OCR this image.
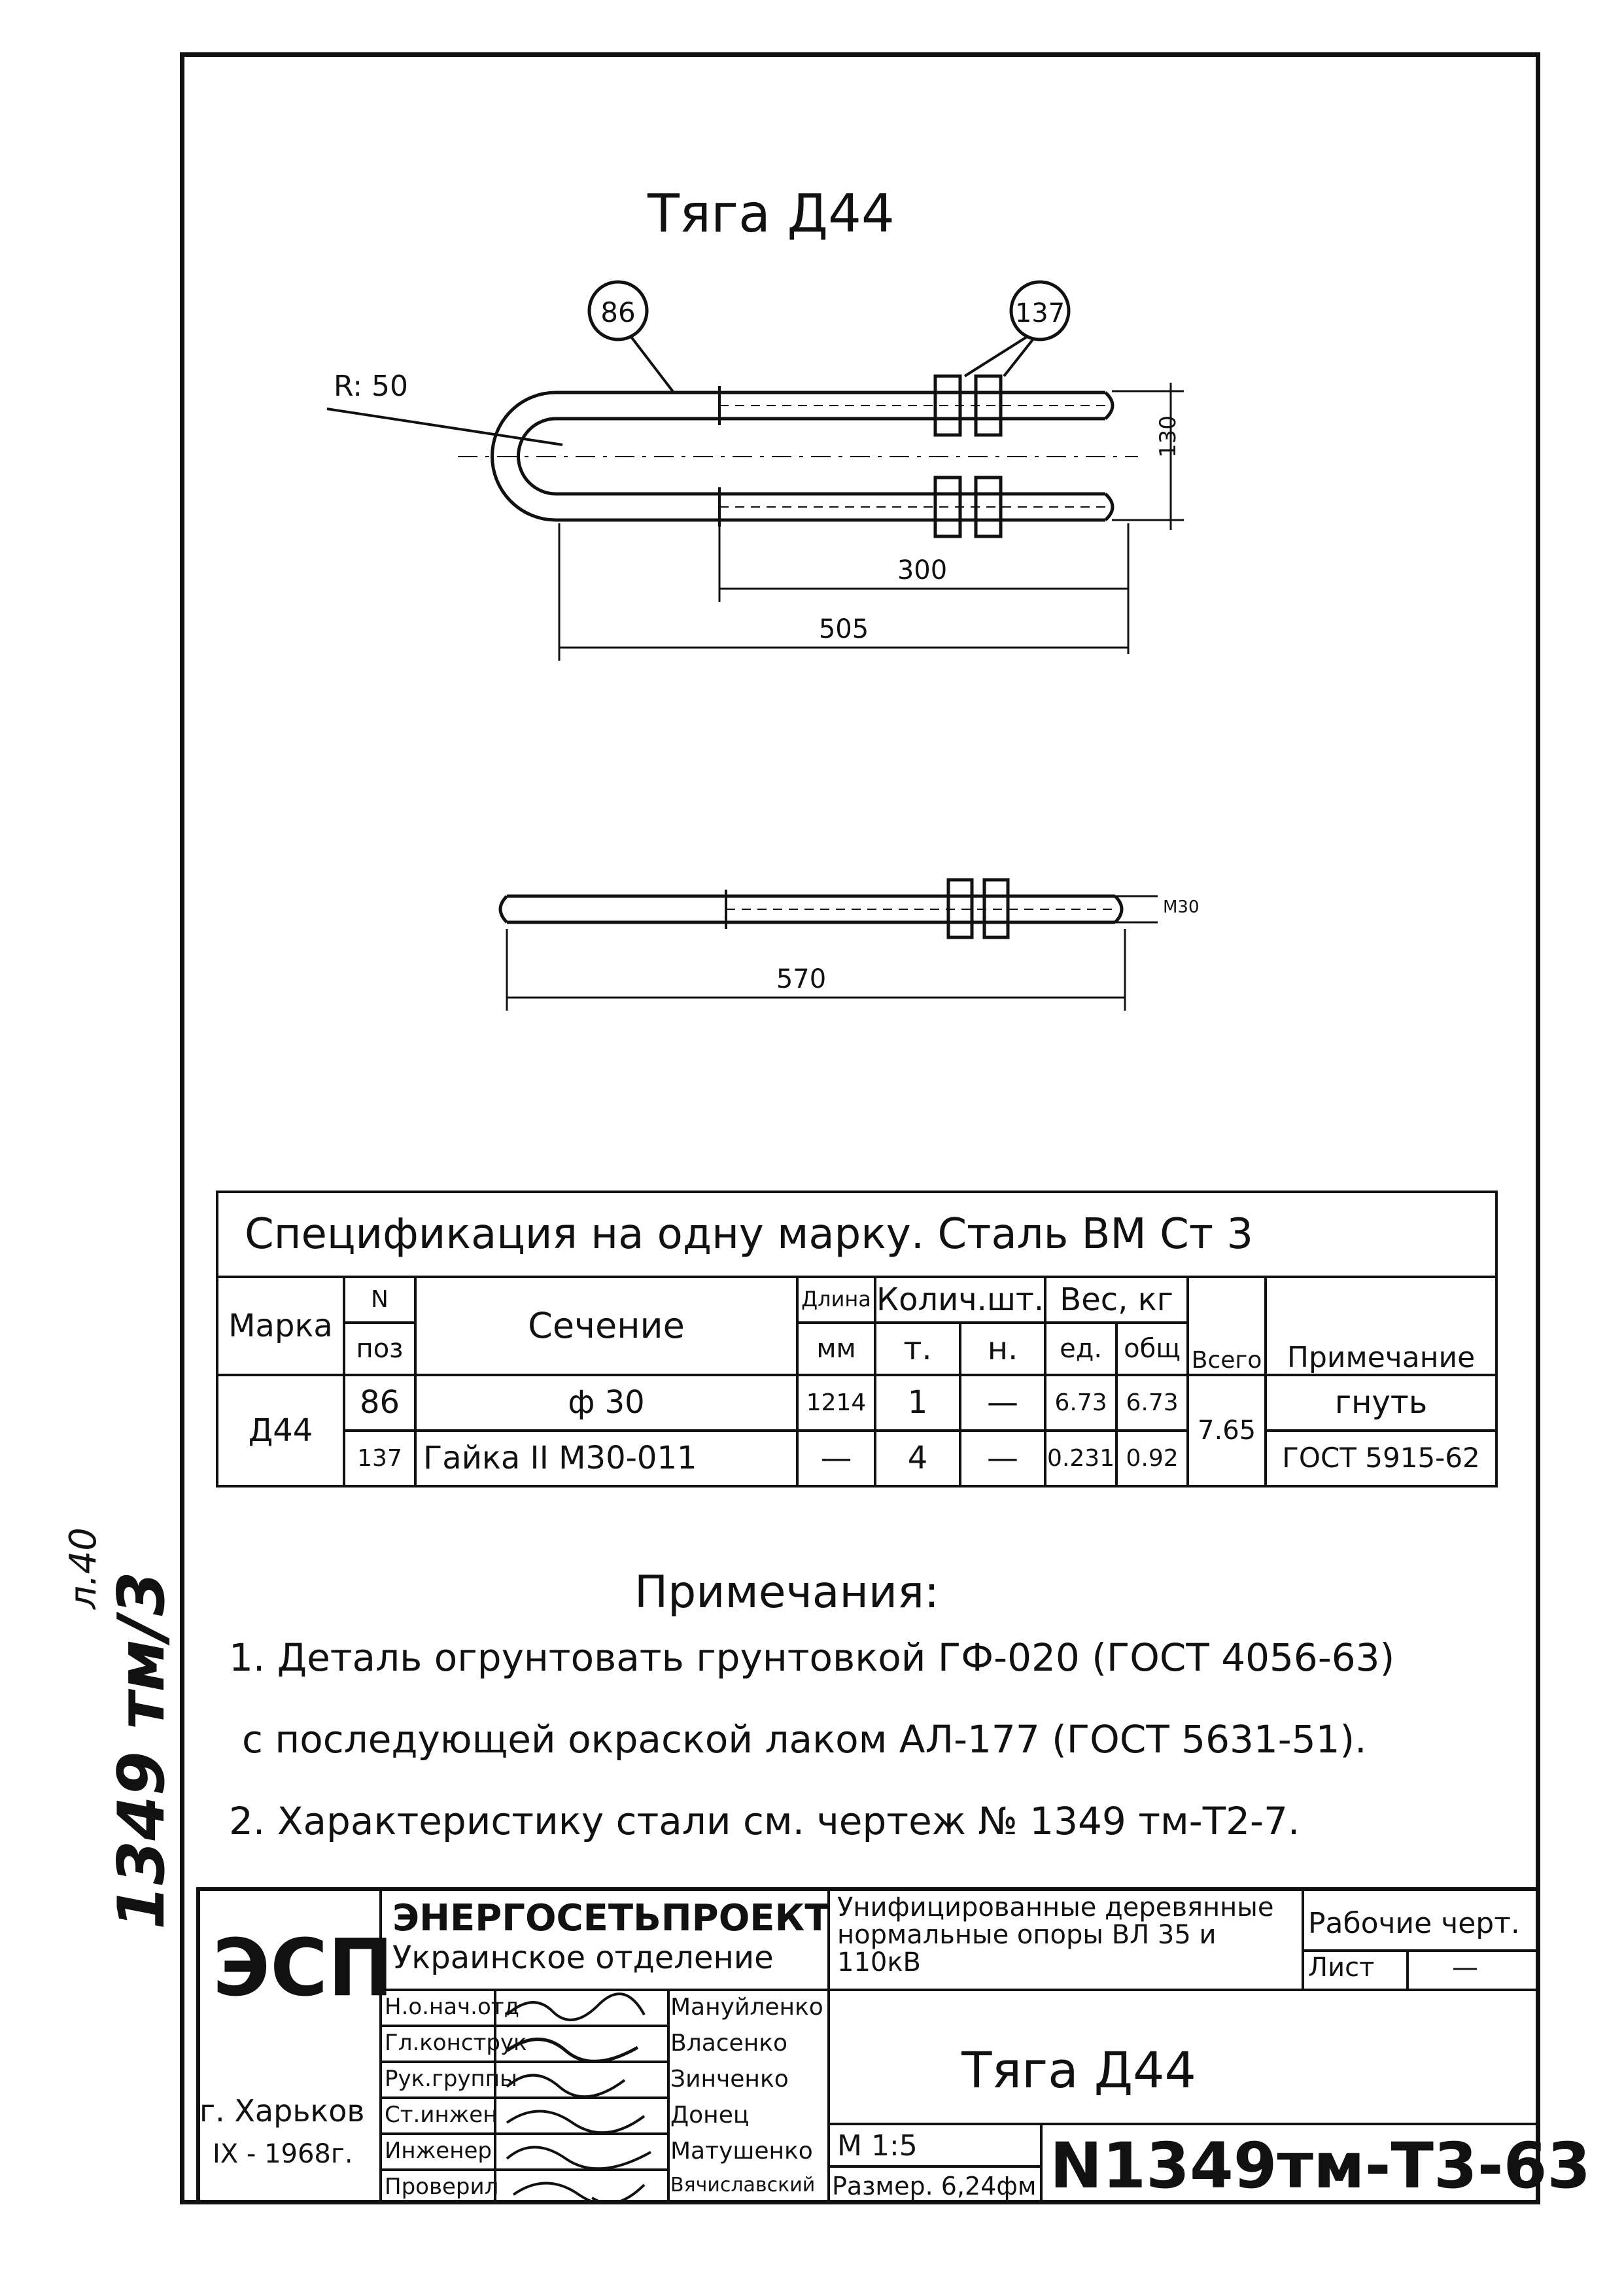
л.40
1349 тм/3
Тяга Д44
86	137
R: 50
130
300
505
М30
570
Спецификация на одну марку. Сталь ВМ Ст 3									
Марка	N	Сечение	Длина	Колич.шт.		Вес, кг		Всего	Примечание
	поз		мм	т.	н.	ед.	общ		
Д44	86	ф 30	1214	1	—	6.73	6.73	7.65	гнуть
	137	Гайка II М30-011	—	4	—	0.231	0.92		ГОСТ 5915-62
Примечания:
1. Деталь огрунтовать грунтовкой ГФ-020 (ГОСТ 4056-63)
с последующей окраской лаком АЛ-177 (ГОСТ 5631-51).
2. Характеристику стали см. чертеж № 1349 тм-Т2-7.
ЭСП
ЭНЕРГОСЕТЬПРОЕКТ
Украинское отделение
г. Харьков
IX - 1968г.
Унифицированные деревянные нормальные опоры ВЛ 35 и 110кВ
Рабочие черт.
Лист	—
Тяга Д44
М 1:5
Размер. 6,24фм N1349тм-Т3-63
Н.о.нач.отд	Мануйленко
Гл.конструк	Власенко
Рук.группы	Зинченко
Ст.инжен	Донец
Инженер	Матушенко
Проверил	Вячиславский
